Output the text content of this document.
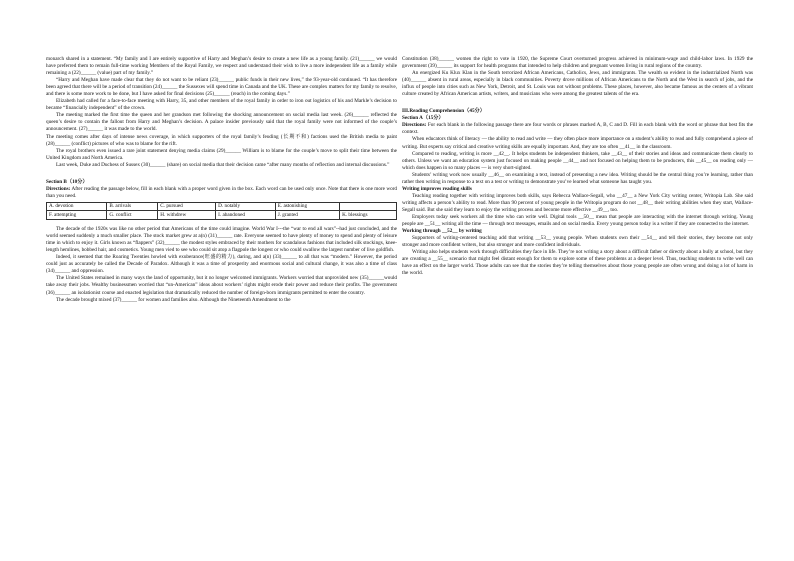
monarch shared in a statement. “My family and I are entirely supportive of Harry and Meghan’s desire to create a new life as a young family. (21)______ we would have preferred them to remain full-time working Members of the Royal Family, we respect and understand their wish to live a more independent life as a family while remaining a (22)______ (value) part of my family.”

“Harry and Meghan have made clear that they do not want to be reliant (23)______ public funds in their new lives,” the 93-year-old continued. “It has therefore been agreed that there will be a period of transition (24)______ the Sussexes will spend time in Canada and the UK. These are complex matters for my family to resolve, and there is some more work to be done, but I have asked for final decisions (25)______ (reach) in the coming days.”

Elizabeth had called for a face-to-face meeting with Harry, 35, and other members of the royal family in order to iron out logistics of his and Markle’s decision to became “financially independent” of the crown.

The meeting marked the first time the queen and her grandson met following the shocking announcement on social media last week. (26)______ reflected the queen’s desire to contain the fallout from Harry and Meghan’s decision. A palace insider previously said that the royal family were not informed of the couple’s announcement. (27)______ it was made to the world.

The meeting comes after days of intense news coverage, in which supporters of the royal family’s feuding (长期不和) factions used the British media to paint (28)______ (conflict) pictures of who was to blame for the rift.

The royal brothers even issued a rare joint statement denying media claims (29)______ William is to blame for the couple’s move to split their time between the United Kingdom and North America.

Last week, Duke and Duchess of Sussex (30)______ (share) on social media that their decision came “after many months of reflection and internal discussions.”

Section B（10分）

Directions: After reading the passage below, fill in each blank with a proper word given in the box. Each word can be used only once. Note that there is one more word than you need.

A. devotion	B. arrivals	C. pursued	D. notably	E. astonishing	
F. attempting	G. conflict	H. withdrew	I. abandoned	J. granted	K. blessings

The decade of the 1920s was like no other period that Americans of the time could imagine. World War I---the “war to end all wars”--had just concluded, and the world seemed suddenly a much smaller place. The stock market grew at a(n) (31)______ rate. Everyone seemed to have plenty of money to spend and plenty of leisure time in which to enjoy it. Girls known as “flappers” (32)______ the modest styles embraced by their mothers for scandalous fashions that included silk stockings, knee-length hemlines, bobbed hair, and cosmetics. Young men vied to see who could sit atop a flagpole the longest or who could swallow the largest number of live goldfish.

Indeed, it seemed that the Roaring Twenties howled with exuberance(旺盛的精力), daring, and a(n) (33)______ to all that was “modern.” However, the period could just as accurately be called the Decade of Paradox. Although it was a time of prosperity and enormous social and cultural change, it was also a time of class (34)______ and oppression.

The United States remained in many ways the land of opportunity, but it no longer welcomed immigrants. Workers worried that unprovided new (35)______would take away their jobs. Wealthy businessmen worried that “un-American” ideas about workers’ rights might erode their power and reduce their profits. The government (36)______ an isolationist course and enacted legislation that dramatically reduced the number of foreign-born immigrants permitted to enter the country.

The decade brought mixed (37)______ for women and families also. Although the Nineteenth Amendment to the

Constitution (38)______ women the right to vote in 1920, the Supreme Court overturned progress achieved in minimum-wage and child-labor laws. In 1929 the government (39)______ its support for health programs that intended to help children and pregnant women living in rural regions of the country.

An energized Ku Klux Klan in the South terrorized African Americans, Catholics, Jews, and immigrants. The wealth so evident in the industrialized North was (40)______ absent in rural areas, especially in black communities. Poverty drove millions of African Americans to the North and the West in search of jobs, and the influx of people into cities such as New York, Detroit, and St. Louis was not without problems. These places, however, also became famous as the centers of a vibrant culture created by African American artists, writers, and musicians who were among the greatest talents of the era.

III.Reading Comprehension（45分）

Section A（15分）

Directions: For each blank in the following passage there are four words or phrases marked A, B, C and D. Fill in each blank with the word or phrase that best fits the context.

When educators think of literacy — the ability to read and write — they often place more importance on a student’s ability to read and fully comprehend a piece of writing. But experts say critical and creative writing skills are equally important. And, they are too often __41__ in the classroom.

Compared to reading, writing is more __42__. It helps students be independent thinkers, take __43__ of their stories and ideas and communicate them clearly to others. Unless we want an education system just focused on making people __44__ and not focused on helping them to be producers, this __45__ on reading only — which does happen in so many places — is very short-sighted.

Students’ writing work now usually __46__ on examining a text, instead of presenting a new idea. Writing should be the central thing you’re learning, rather than rather then writing in response to a text on a test or writing to demonstrate you’ve learned what someone has taught you.

Writing improves reading skills

Teaching reading together with writing improves both skills, says Rebecca Wallace-Segall, who __47__ a New York City writing center, Writopia Lab. She said writing affects a person’s ability to read. More than 90 percent of young people in the Writopia program do not __48__ their writing abilities when they start, Wallace-Segall said. But she said they learn to enjoy the writing process and become more effective __49__, too.

Employers today seek workers all the time who can write well. Digital tools __50__ mean that people are interacting with the internet through writing. Young people are __51__ writing all the time — through text messages, emails and on social media. Every young person today is a writer if they are connected to the internet.

Working through __52__ by writing

Supporters of writing-centered teaching add that writing __53__ young people. When students own their __54__ and tell their stories, they become not only stronger and more confident writers, but also stronger and more confident individuals.

Writing also helps students work through difficulties they face in life. They’re not writing a story about a difficult father or directly about a bully at school, but they are creating a __55__ scenario that might feel distant enough for them to explore some of these problems at a deeper level. Thus, teaching students to write well can have an effect on the larger world. Those adults can see that the stories they’re telling themselves about those young people are often wrong and doing a lot of harm in the world.
